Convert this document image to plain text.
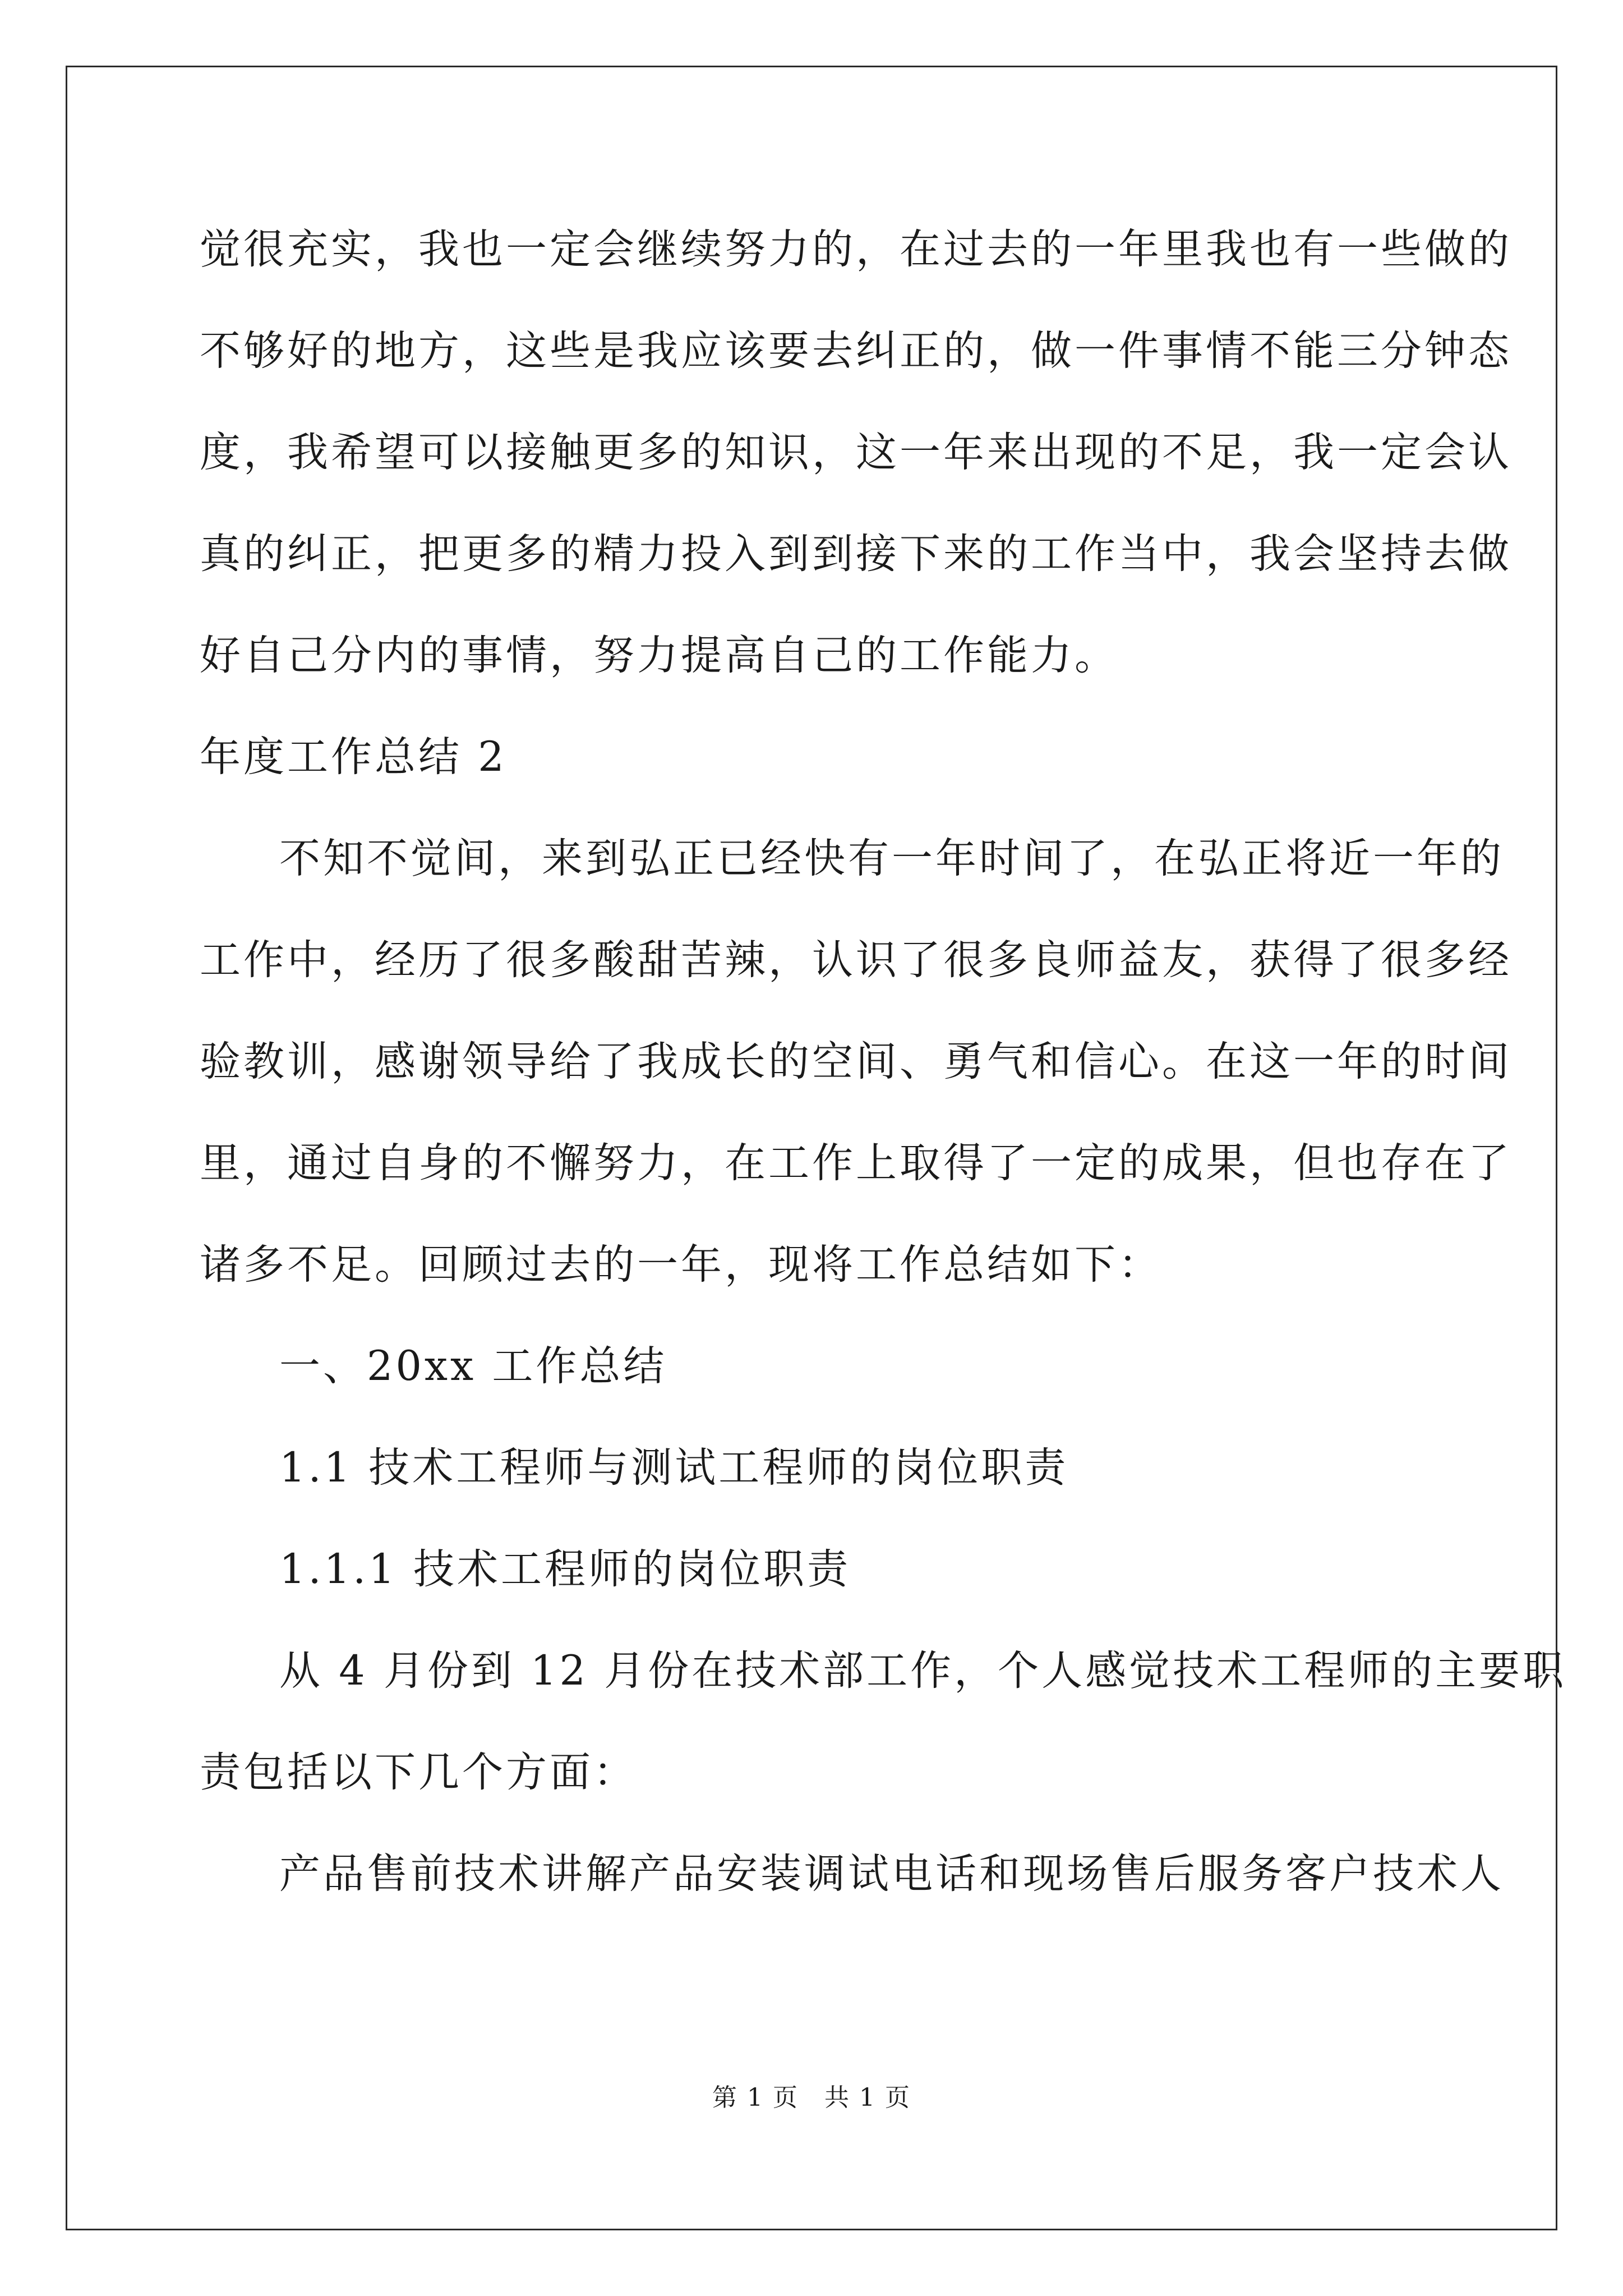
觉很充实，我也一定会继续努力的，在过去的一年里我也有一些做的
不够好的地方，这些是我应该要去纠正的，做一件事情不能三分钟态
度，我希望可以接触更多的知识，这一年来出现的不足，我一定会认
真的纠正，把更多的精力投入到到接下来的工作当中，我会坚持去做
好自己分内的事情，努力提高自己的工作能力。
年度工作总结 2
不知不觉间，来到弘正已经快有一年时间了，在弘正将近一年的
工作中，经历了很多酸甜苦辣，认识了很多良师益友，获得了很多经
验教训，感谢领导给了我成长的空间、勇气和信心。在这一年的时间
里，通过自身的不懈努力，在工作上取得了一定的成果，但也存在了
诸多不足。回顾过去的一年，现将工作总结如下：
一、20xx 工作总结
1.1 技术工程师与测试工程师的岗位职责
1.1.1 技术工程师的岗位职责
从 4 月份到 12 月份在技术部工作，个人感觉技术工程师的主要职
责包括以下几个方面：
产品售前技术讲解产品安装调试电话和现场售后服务客户技术人
第 1 页　共 1 页
